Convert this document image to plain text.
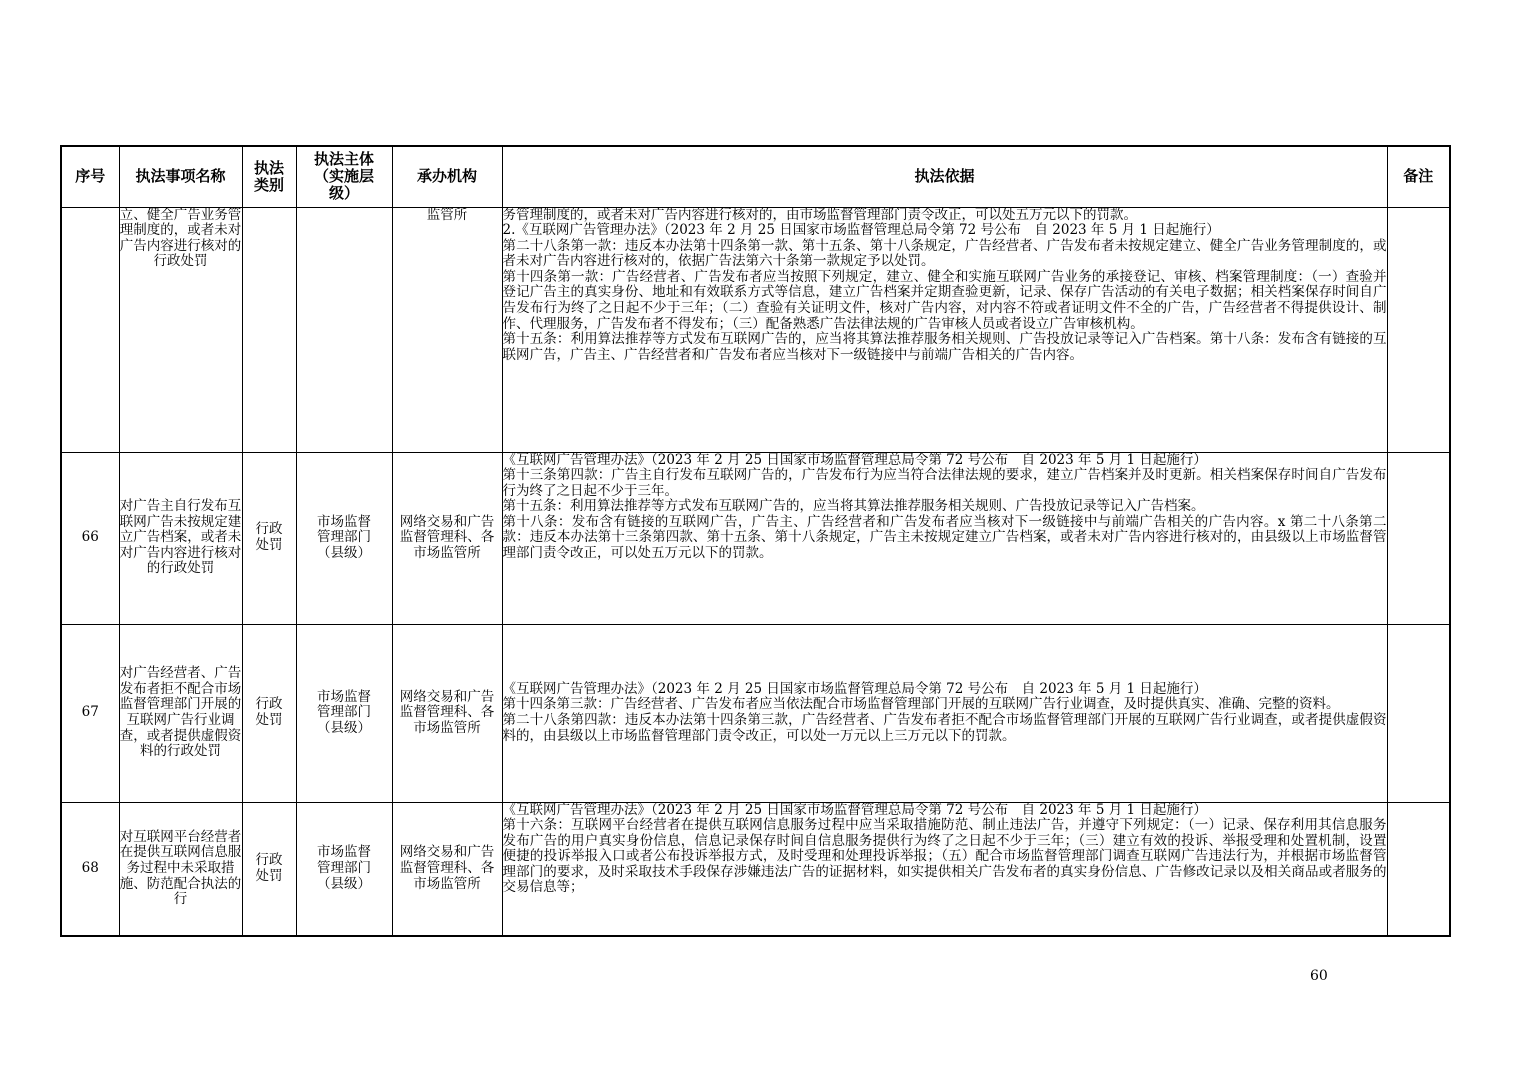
序号	执法事项名称	执法类别	执法主体（实施层级）	承办机构	执法依据	备注
	立、健全广告业务管理制度的，或者未对广告内容进行核对的行政处罚			监管所	务管理制度的，或者未对广告内容进行核对的，由市场监督管理部门责令改正，可以处五万元以下的罚款。

2.《互联网广告管理办法》（2023 年 2 月 25 日国家市场监督管理总局令第 72 号公布　自 2023 年 5 月 1 日起施行）

第二十八条第一款：违反本办法第十四条第一款、第十五条、第十八条规定，广告经营者、广告发布者未按规定建立、健全广告业务管理制度的，或者未对广告内容进行核对的，依据广告法第六十条第一款规定予以处罚。

第十四条第一款：广告经营者、广告发布者应当按照下列规定，建立、健全和实施互联网广告业务的承接登记、审核、档案管理制度：（一）查验并登记广告主的真实身份、地址和有效联系方式等信息，建立广告档案并定期查验更新，记录、保存广告活动的有关电子数据；相关档案保存时间自广告发布行为终了之日起不少于三年；（二）查验有关证明文件，核对广告内容，对内容不符或者证明文件不全的广告，广告经营者不得提供设计、制作、代理服务，广告发布者不得发布；（三）配备熟悉广告法律法规的广告审核人员或者设立广告审核机构。

第十五条：利用算法推荐等方式发布互联网广告的，应当将其算法推荐服务相关规则、广告投放记录等记入广告档案。第十八条：发布含有链接的互联网广告，广告主、广告经营者和广告发布者应当核对下一级链接中与前端广告相关的广告内容。	

66	对广告主自行发布互联网广告未按规定建立广告档案，或者未对广告内容进行核对的行政处罚	行政处罚	市场监督管理部门（县级）	网络交易和广告监督管理科、各市场监管所	《互联网广告管理办法》（2023 年 2 月 25 日国家市场监督管理总局令第 72 号公布　自 2023 年 5 月 1 日起施行）

第十三条第四款：广告主自行发布互联网广告的，广告发布行为应当符合法律法规的要求，建立广告档案并及时更新。相关档案保存时间自广告发布行为终了之日起不少于三年。

第十五条：利用算法推荐等方式发布互联网广告的，应当将其算法推荐服务相关规则、广告投放记录等记入广告档案。

第十八条：发布含有链接的互联网广告，广告主、广告经营者和广告发布者应当核对下一级链接中与前端广告相关的广告内容。x 第二十八条第二款：违反本办法第十三条第四款、第十五条、第十八条规定，广告主未按规定建立广告档案，或者未对广告内容进行核对的，由县级以上市场监督管理部门责令改正，可以处五万元以下的罚款。	

67	对广告经营者、广告发布者拒不配合市场监督管理部门开展的互联网广告行业调查，或者提供虚假资料的行政处罚	行政处罚	市场监督管理部门（县级）	网络交易和广告监督管理科、各市场监管所	《互联网广告管理办法》（2023 年 2 月 25 日国家市场监督管理总局令第 72 号公布　自 2023 年 5 月 1 日起施行）

第十四条第三款：广告经营者、广告发布者应当依法配合市场监督管理部门开展的互联网广告行业调查，及时提供真实、准确、完整的资料。

第二十八条第四款：违反本办法第十四条第三款，广告经营者、广告发布者拒不配合市场监督管理部门开展的互联网广告行业调查，或者提供虚假资料的，由县级以上市场监督管理部门责令改正，可以处一万元以上三万元以下的罚款。	

68	对互联网平台经营者在提供互联网信息服务过程中未采取措施、防范配合执法的行	行政处罚	市场监督管理部门（县级）	网络交易和广告监督管理科、各市场监管所	《互联网广告管理办法》（2023 年 2 月 25 日国家市场监督管理总局令第 72 号公布　自 2023 年 5 月 1 日起施行）

第十六条：互联网平台经营者在提供互联网信息服务过程中应当采取措施防范、制止违法广告，并遵守下列规定：（一）记录、保存利用其信息服务发布广告的用户真实身份信息，信息记录保存时间自信息服务提供行为终了之日起不少于三年；（三）建立有效的投诉、举报受理和处置机制，设置便捷的投诉举报入口或者公布投诉举报方式，及时受理和处理投诉举报；（五）配合市场监督管理部门调查互联网广告违法行为，并根据市场监督管理部门的要求，及时采取技术手段保存涉嫌违法广告的证据材料，如实提供相关广告发布者的真实身份信息、广告修改记录以及相关商品或者服务的交易信息等；	

60
